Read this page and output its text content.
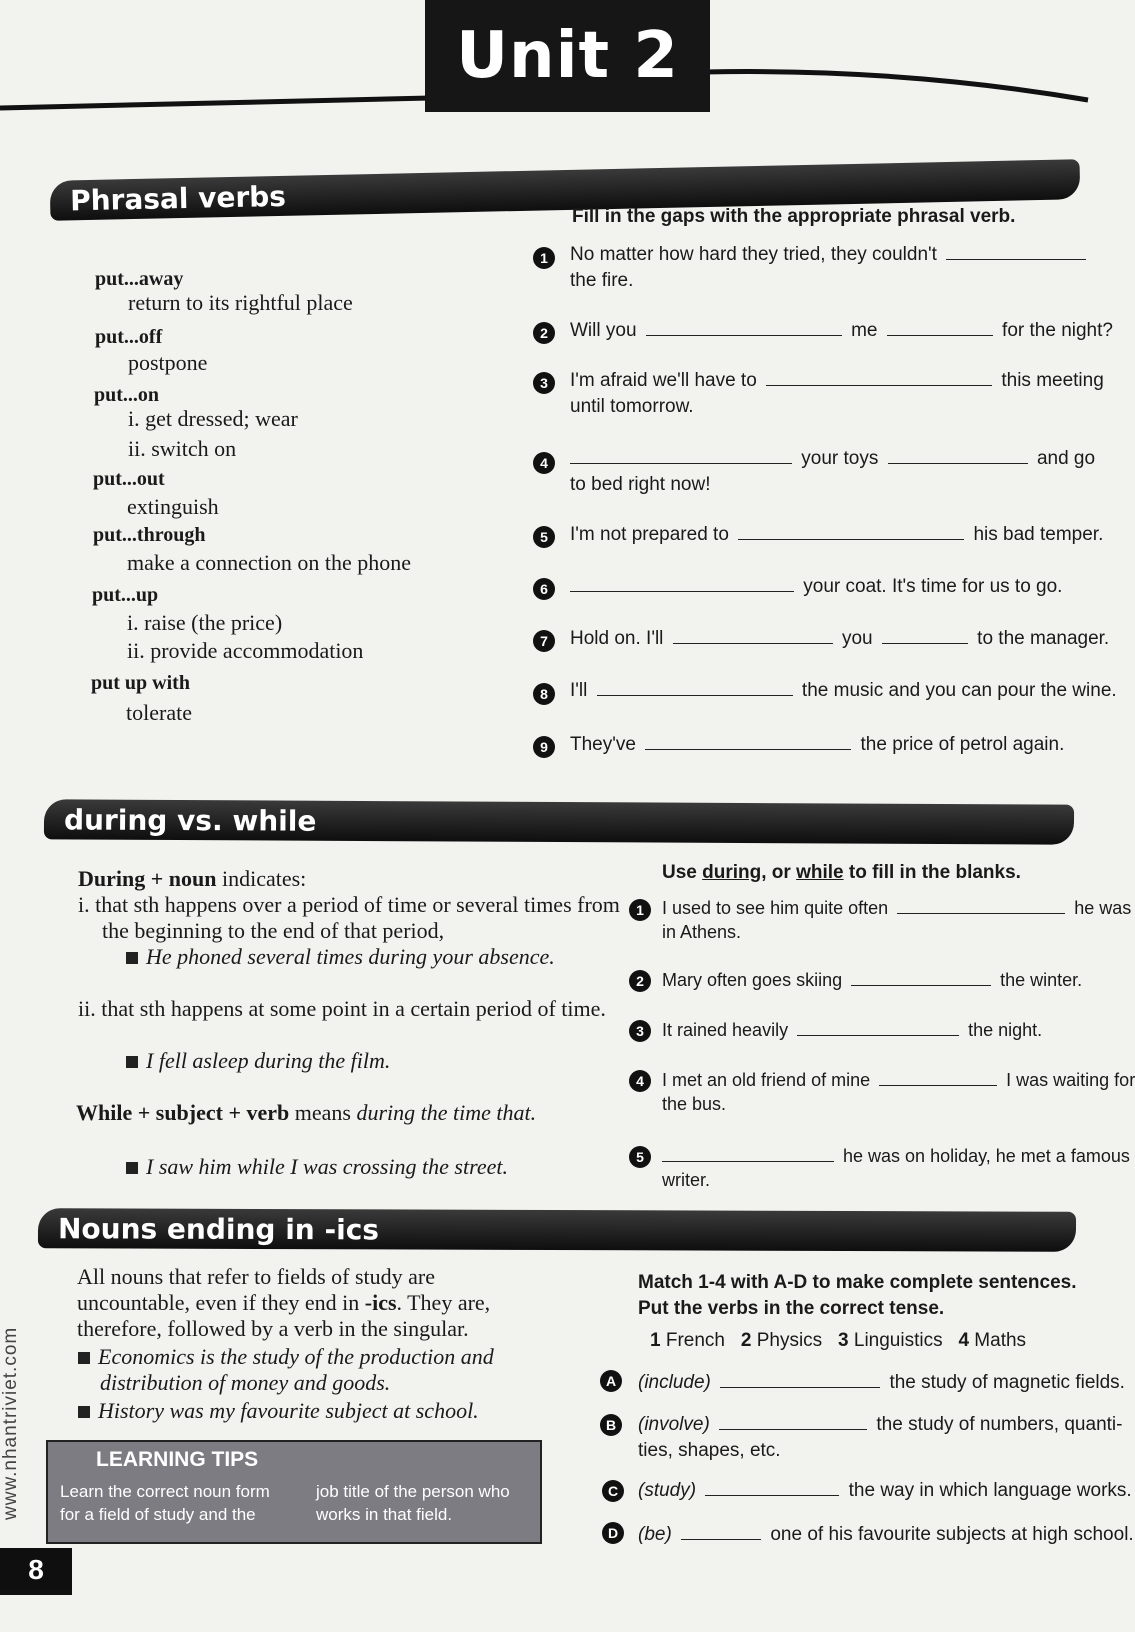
Unit 2
Phrasal verbs
put...away
return to its rightful place
put...off
postpone
put...on
i. get dressed; wear
ii. switch on
put...out
extinguish
put...through
make a connection on the phone
put...up
i. raise (the price)
ii. provide accommodation
put up with
tolerate
Fill in the gaps with the appropriate phrasal verb.
1	No matter how hard they tried, they couldn't
the fire.
2	Will you	me	for the night?
3	I'm afraid we'll have to	this meeting
until tomorrow.
4	your toys	and go
to bed right now!
5	I'm not prepared to	his bad temper.
6	your coat. It's time for us to go.
7	Hold on. I'll	you	to the manager.
8	I'll	the music and you can pour the wine.
9	They've	the price of petrol again.
during vs. while
During + noun indicates:
i. that sth happens over a period of time or several times from the beginning to the end of that period,
He phoned several times during your absence.
ii. that sth happens at some point in a certain period of time.
I fell asleep during the film.
While + subject + verb means during the time that.
I saw him while I was crossing the street.
Use during, or while to fill in the blanks.
1	I used to see him quite often	he was
in Athens.
2	Mary often goes skiing	the winter.
3	It rained heavily	the night.
4	I met an old friend of mine	I was waiting for
the bus.
5	he was on holiday, he met a famous
writer.
Nouns ending in -ics
All nouns that refer to fields of study are uncountable, even if they end in -ics. They are, therefore, followed by a verb in the singular.
Economics is the study of the production and distribution of money and goods.
History was my favourite subject at school.
LEARNING TIPS
Learn the correct noun form for a field of study and the
job title of the person who works in that field.
Match 1-4 with A-D to make complete sentences.
Put the verbs in the correct tense.
1 French 2 Physics 3 Linguistics 4 Maths
A	(include)	the study of magnetic fields.
B	(involve)	the study of numbers, quanti-
ties, shapes, etc.
C	(study)	the way in which language works.
D	(be)	one of his favourite subjects at high school.
8
www.nhantriviet.com
